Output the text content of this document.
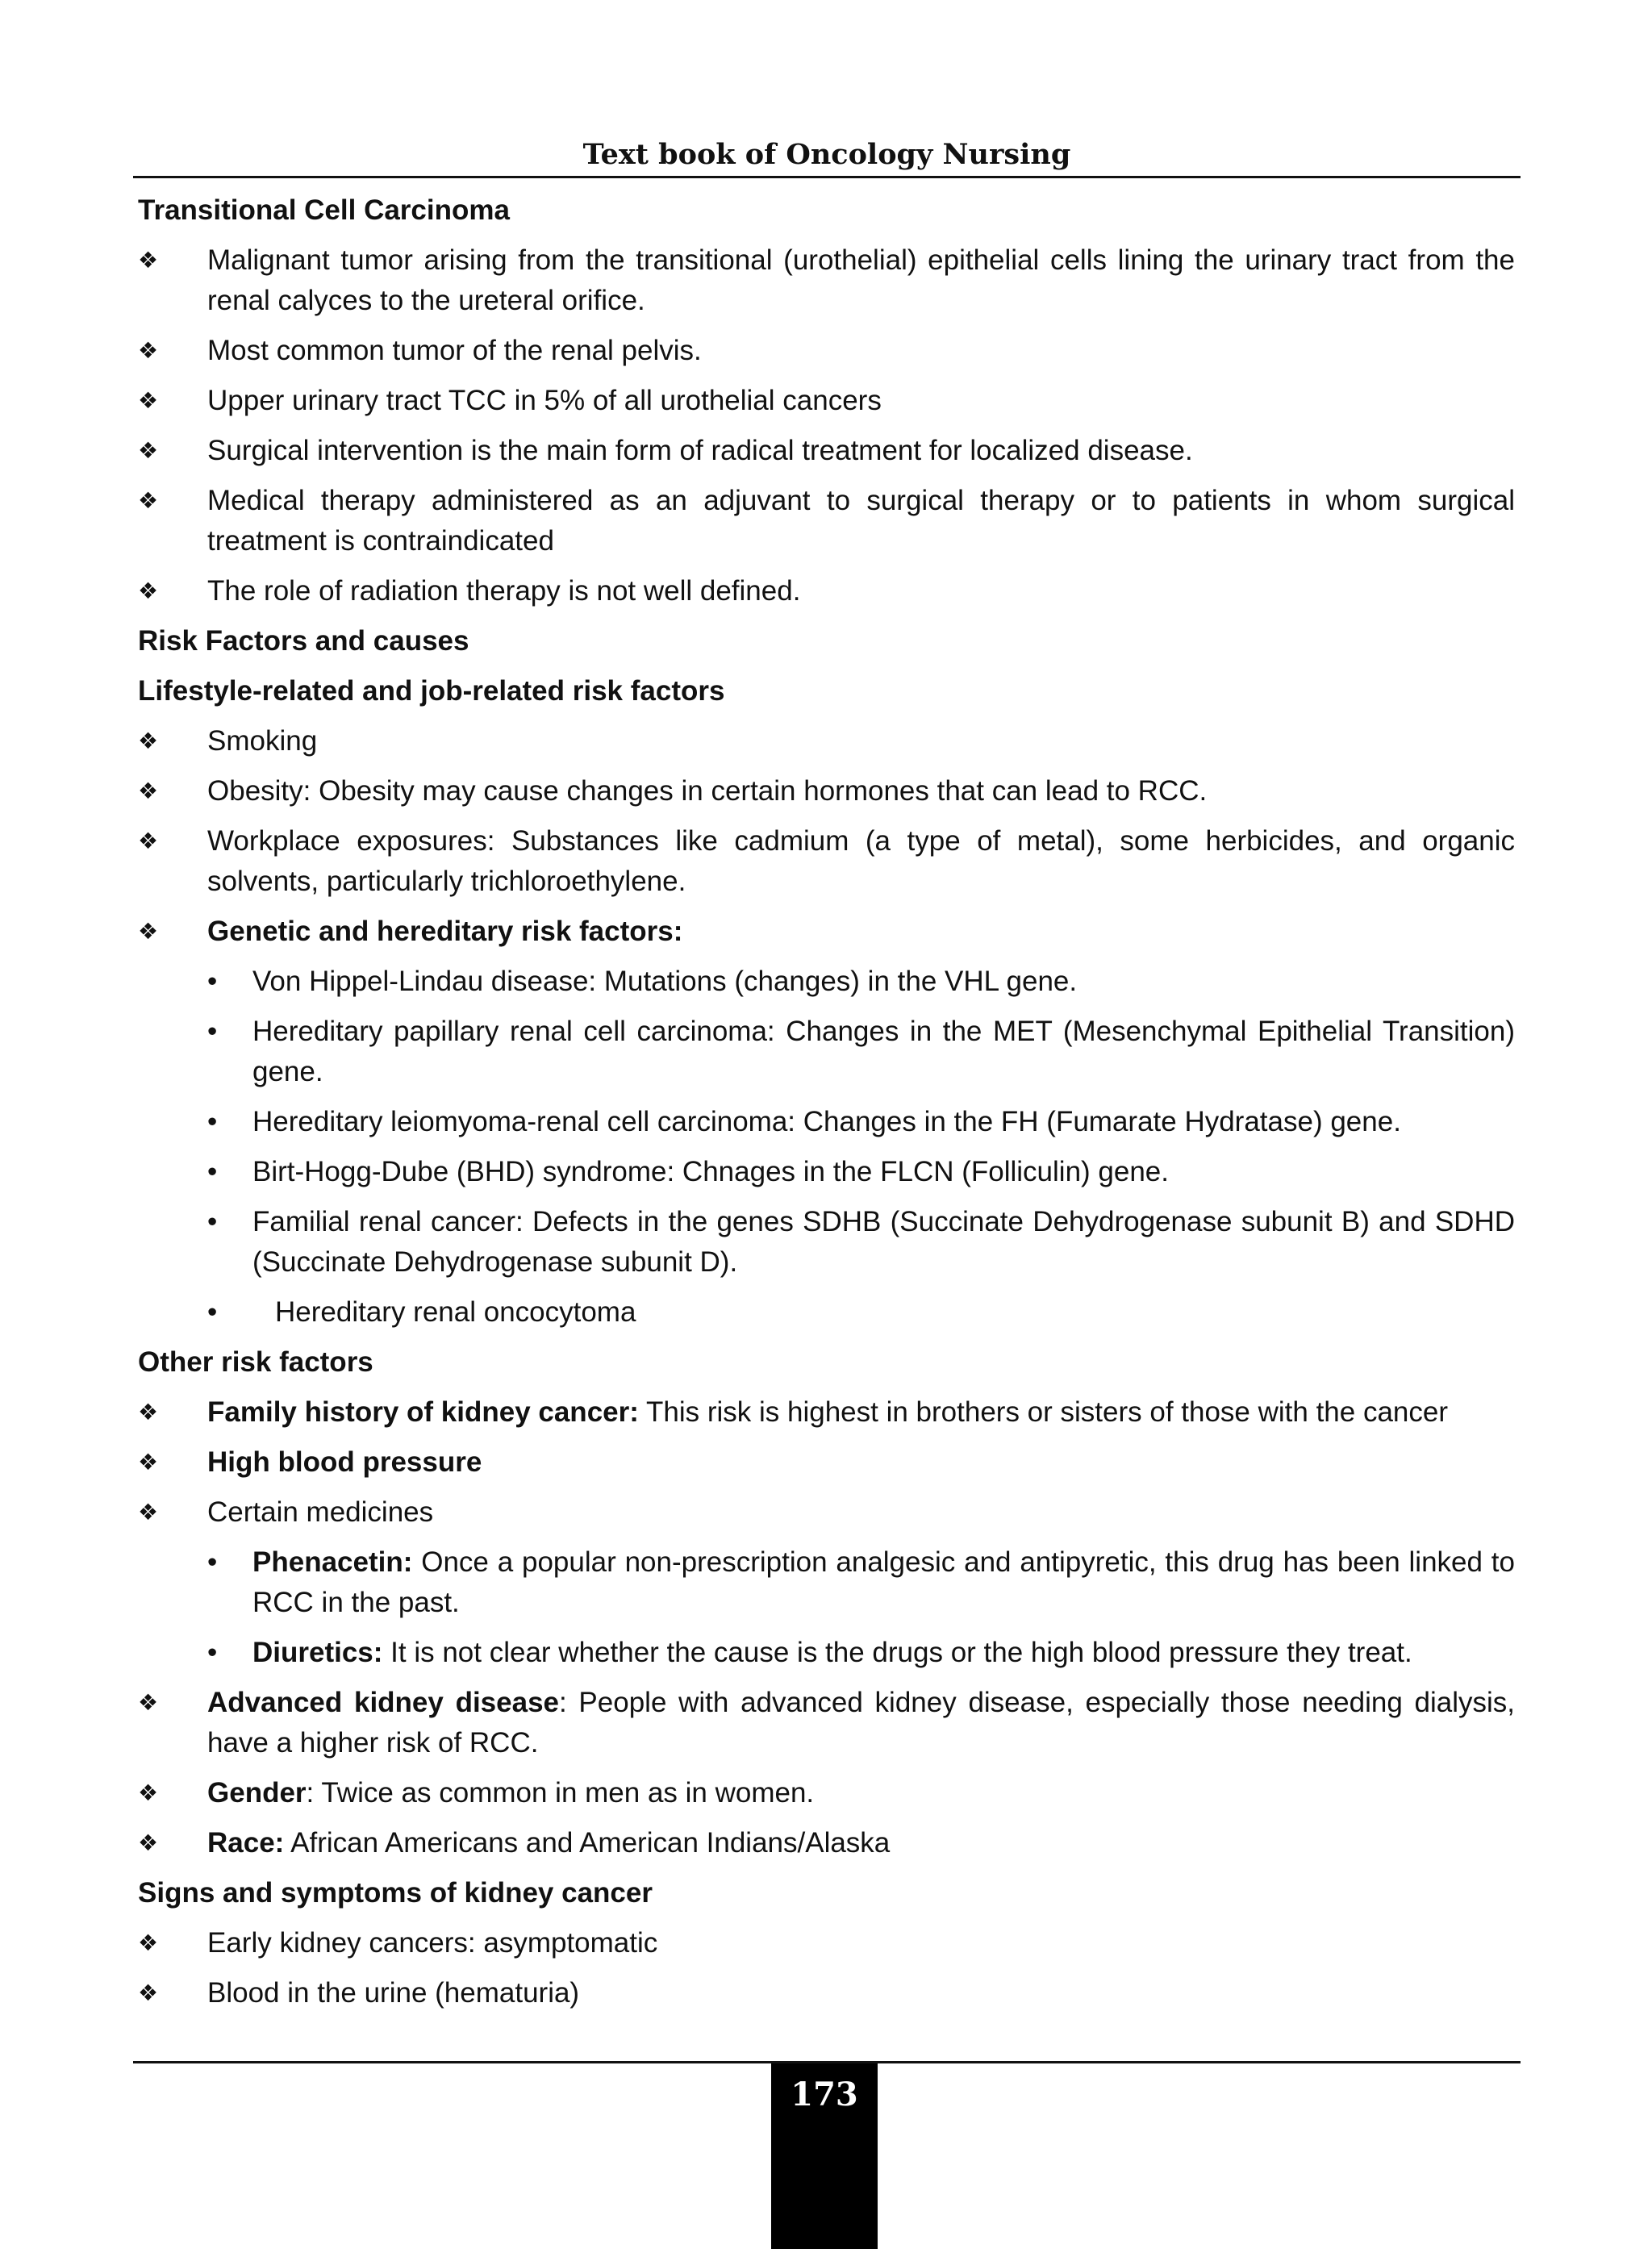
Text book of Oncology Nursing
Transitional Cell Carcinoma
❖	Malignant tumor arising from the transitional (urothelial) epithelial cells lining the urinary tract from the renal calyces to the ureteral orifice.
❖	Most common tumor of the renal pelvis.
❖	Upper urinary tract TCC in 5% of all urothelial cancers
❖	Surgical intervention is the main form of radical treatment for localized disease.
❖	Medical therapy administered as an adjuvant to surgical therapy or to patients in whom surgical treatment is contraindicated
❖	The role of radiation therapy is not well defined.
Risk Factors and causes
Lifestyle-related and job-related risk factors
❖	Smoking
❖	Obesity: Obesity may cause changes in certain hormones that can lead to RCC.
❖	Workplace exposures: Substances like cadmium (a type of metal), some herbicides, and organic solvents, particularly trichloroethylene.
❖	Genetic and hereditary risk factors:
• Von Hippel-Lindau disease: Mutations (changes) in the VHL gene.
• Hereditary papillary renal cell carcinoma: Changes in the MET (Mesenchymal Epithelial Transition) gene.
• Hereditary leiomyoma-renal cell carcinoma: Changes in the FH (Fumarate Hydratase) gene.
• Birt-Hogg-Dube (BHD) syndrome: Chnages in the FLCN (Folliculin) gene.
• Familial renal cancer: Defects in the genes SDHB (Succinate Dehydrogenase subunit B) and SDHD (Succinate Dehydrogenase subunit D).
• Hereditary renal oncocytoma
Other risk factors
❖	Family history of kidney cancer: This risk is highest in brothers or sisters of those with the cancer
❖	High blood pressure
❖	Certain medicines
• Phenacetin: Once a popular non-prescription analgesic and antipyretic, this drug has been linked to RCC in the past.
• Diuretics: It is not clear whether the cause is the drugs or the high blood pressure they treat.
❖	Advanced kidney disease: People with advanced kidney disease, especially those needing dialysis, have a higher risk of RCC.
❖	Gender: Twice as common in men as in women.
❖	Race: African Americans and American Indians/Alaska
Signs and symptoms of kidney cancer
❖	Early kidney cancers: asymptomatic
❖	Blood in the urine (hematuria)
173
